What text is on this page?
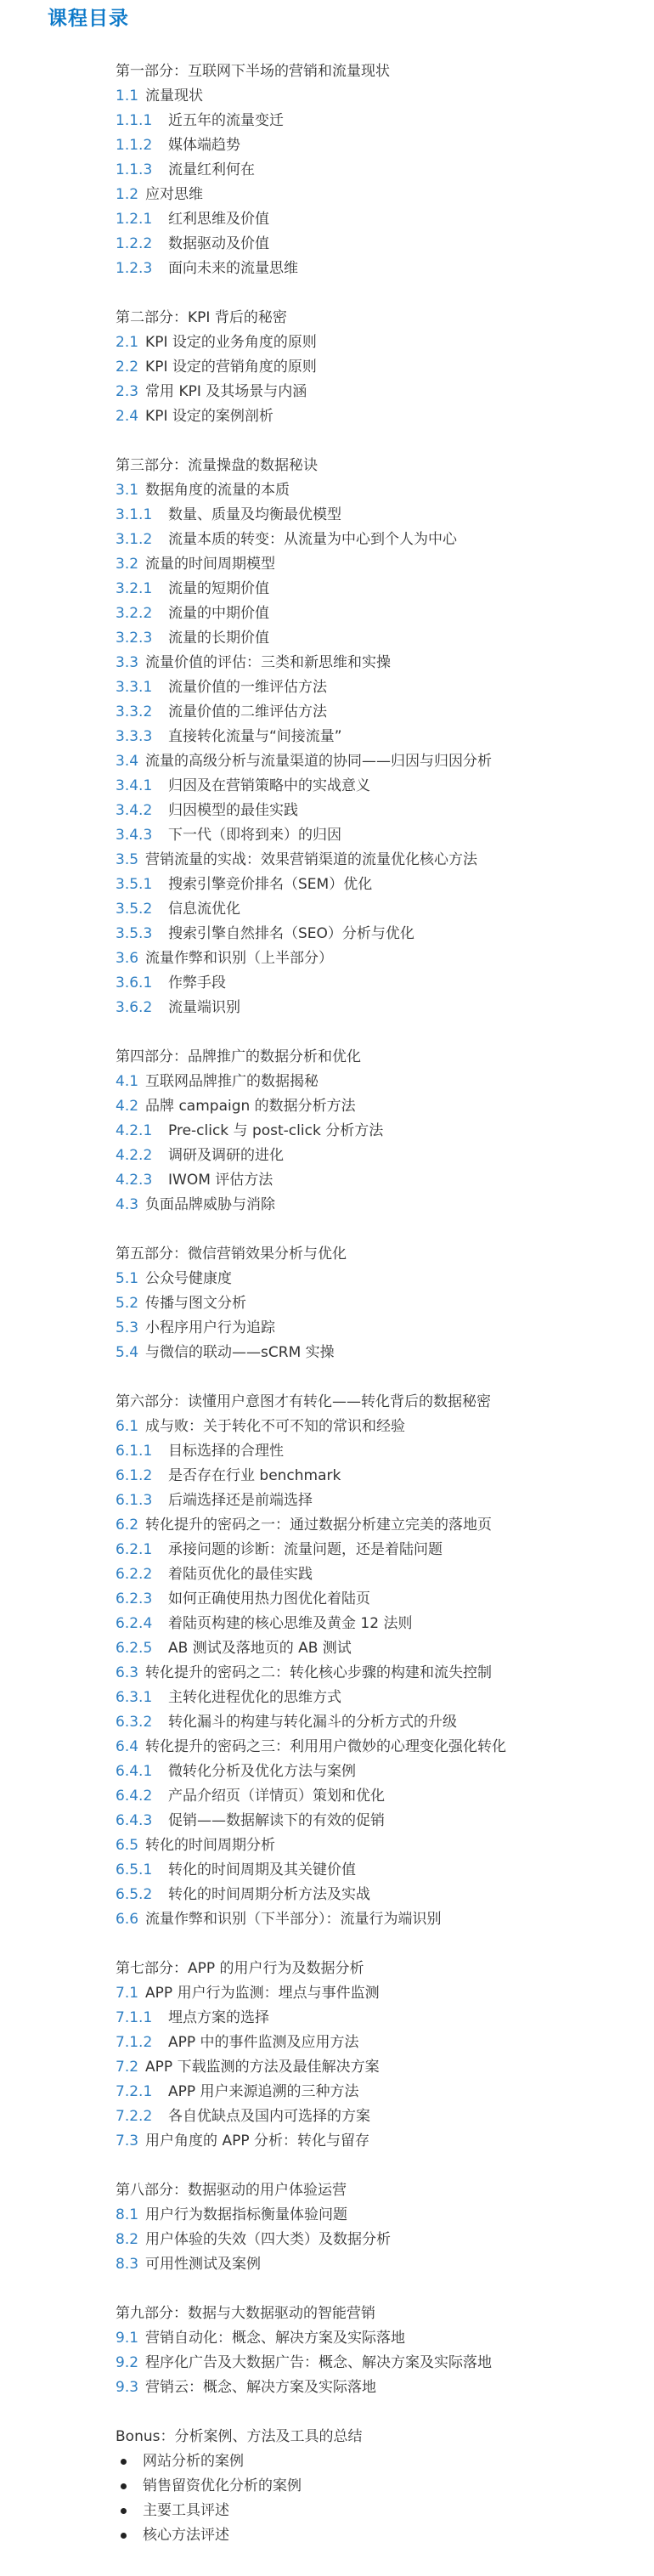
课程目录
第一部分：互联网下半场的营销和流量现状
1.1 流量现状
1.1.1 近五年的流量变迁
1.1.2 媒体端趋势
1.1.3 流量红利何在
1.2 应对思维
1.2.1 红利思维及价值
1.2.2 数据驱动及价值
1.2.3 面向未来的流量思维
第二部分：KPI 背后的秘密
2.1 KPI 设定的业务角度的原则
2.2 KPI 设定的营销角度的原则
2.3 常用 KPI 及其场景与内涵
2.4 KPI 设定的案例剖析
第三部分：流量操盘的数据秘诀
3.1 数据角度的流量的本质
3.1.1 数量、质量及均衡最优模型
3.1.2 流量本质的转变：从流量为中心到个人为中心
3.2 流量的时间周期模型
3.2.1 流量的短期价值
3.2.2 流量的中期价值
3.2.3 流量的长期价值
3.3 流量价值的评估：三类和新思维和实操
3.3.1 流量价值的一维评估方法
3.3.2 流量价值的二维评估方法
3.3.3 直接转化流量与“间接流量”
3.4 流量的高级分析与流量渠道的协同——归因与归因分析
3.4.1 归因及在营销策略中的实战意义
3.4.2 归因模型的最佳实践
3.4.3 下一代（即将到来）的归因
3.5 营销流量的实战：效果营销渠道的流量优化核心方法
3.5.1 搜索引擎竞价排名（SEM）优化
3.5.2 信息流优化
3.5.3 搜索引擎自然排名（SEO）分析与优化
3.6 流量作弊和识别（上半部分）
3.6.1 作弊手段
3.6.2 流量端识别
第四部分：品牌推广的数据分析和优化
4.1 互联网品牌推广的数据揭秘
4.2 品牌 campaign 的数据分析方法
4.2.1 Pre-click 与 post-click 分析方法
4.2.2 调研及调研的进化
4.2.3 IWOM 评估方法
4.3 负面品牌威胁与消除
第五部分：微信营销效果分析与优化
5.1 公众号健康度
5.2 传播与图文分析
5.3 小程序用户行为追踪
5.4 与微信的联动——sCRM 实操
第六部分：读懂用户意图才有转化——转化背后的数据秘密
6.1 成与败：关于转化不可不知的常识和经验
6.1.1 目标选择的合理性
6.1.2 是否存在行业 benchmark
6.1.3 后端选择还是前端选择
6.2 转化提升的密码之一：通过数据分析建立完美的落地页
6.2.1 承接问题的诊断：流量问题，还是着陆问题
6.2.2 着陆页优化的最佳实践
6.2.3 如何正确使用热力图优化着陆页
6.2.4 着陆页构建的核心思维及黄金 12 法则
6.2.5 AB 测试及落地页的 AB 测试
6.3 转化提升的密码之二：转化核心步骤的构建和流失控制
6.3.1 主转化进程优化的思维方式
6.3.2 转化漏斗的构建与转化漏斗的分析方式的升级
6.4 转化提升的密码之三：利用用户微妙的心理变化强化转化
6.4.1 微转化分析及优化方法与案例
6.4.2 产品介绍页（详情页）策划和优化
6.4.3 促销——数据解读下的有效的促销
6.5 转化的时间周期分析
6.5.1 转化的时间周期及其关键价值
6.5.2 转化的时间周期分析方法及实战
6.6 流量作弊和识别（下半部分）：流量行为端识别
第七部分：APP 的用户行为及数据分析
7.1 APP 用户行为监测：埋点与事件监测
7.1.1 埋点方案的选择
7.1.2 APP 中的事件监测及应用方法
7.2 APP 下载监测的方法及最佳解决方案
7.2.1 APP 用户来源追溯的三种方法
7.2.2 各自优缺点及国内可选择的方案
7.3 用户角度的 APP 分析：转化与留存
第八部分：数据驱动的用户体验运营
8.1 用户行为数据指标衡量体验问题
8.2 用户体验的失效（四大类）及数据分析
8.3 可用性测试及案例
第九部分：数据与大数据驱动的智能营销
9.1 营销自动化：概念、解决方案及实际落地
9.2 程序化广告及大数据广告：概念、解决方案及实际落地
9.3 营销云：概念、解决方案及实际落地
Bonus：分析案例、方法及工具的总结
网站分析的案例
销售留资优化分析的案例
主要工具评述
核心方法评述
